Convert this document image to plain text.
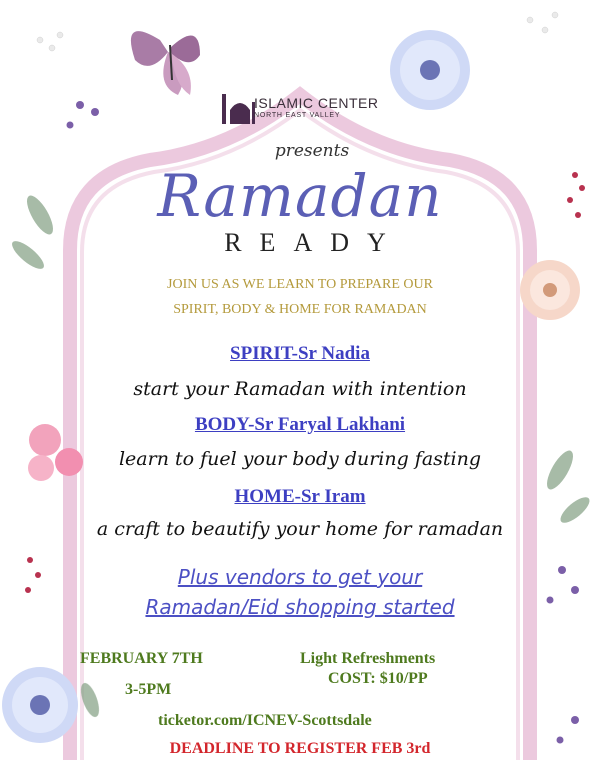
ISLAMIC CENTER
NORTH EAST VALLEY
presents
Ramadan
READY
JOIN US AS WE LEARN TO PREPARE OUR
SPIRIT, BODY & HOME FOR RAMADAN
SPIRIT-Sr Nadia
start your Ramadan with intention
BODY-Sr Faryal Lakhani
learn to fuel your body during fasting
HOME-Sr Iram
a craft to beautify your home for ramadan
Plus vendors to get your
Ramadan/Eid shopping started
FEBRUARY 7TH
3-5PM
Light Refreshments
COST: $10/PP
ticketor.com/ICNEV-Scottsdale
DEADLINE TO REGISTER FEB 3rd
